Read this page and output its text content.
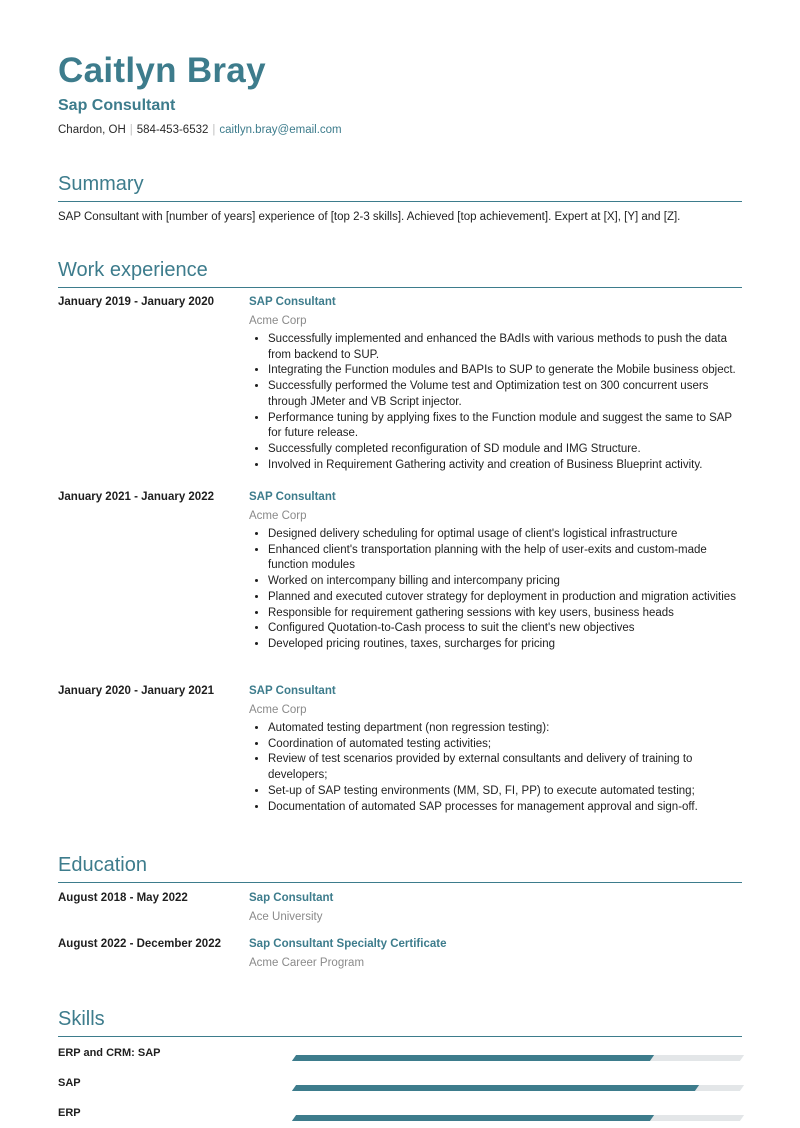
Caitlyn Bray
Sap Consultant
Chardon, OH | 584-453-6532 | caitlyn.bray@email.com
Summary
SAP Consultant with [number of years] experience of [top 2-3 skills]. Achieved [top achievement]. Expert at [X], [Y] and [Z].
Work experience
January 2019 - January 2020	SAP Consultant
Acme Corp
• Successfully implemented and enhanced the BAdIs with various methods to push the data from backend to SUP.
• Integrating the Function modules and BAPIs to SUP to generate the Mobile business object.
• Successfully performed the Volume test and Optimization test on 300 concurrent users through JMeter and VB Script injector.
• Performance tuning by applying fixes to the Function module and suggest the same to SAP for future release.
• Successfully completed reconfiguration of SD module and IMG Structure.
• Involved in Requirement Gathering activity and creation of Business Blueprint activity.
January 2021 - January 2022	SAP Consultant
Acme Corp
• Designed delivery scheduling for optimal usage of client's logistical infrastructure
• Enhanced client's transportation planning with the help of user-exits and custom-made function modules
• Worked on intercompany billing and intercompany pricing
• Planned and executed cutover strategy for deployment in production and migration activities
• Responsible for requirement gathering sessions with key users, business heads
• Configured Quotation-to-Cash process to suit the client's new objectives
• Developed pricing routines, taxes, surcharges for pricing
January 2020 - January 2021	SAP Consultant
Acme Corp
• Automated testing department (non regression testing):
• Coordination of automated testing activities;
• Review of test scenarios provided by external consultants and delivery of training to developers;
• Set-up of SAP testing environments (MM, SD, FI, PP) to execute automated testing;
• Documentation of automated SAP processes for management approval and sign-off.
Education
August 2018 - May 2022	Sap Consultant
Ace University
August 2022 - December 2022	Sap Consultant Specialty Certificate
Acme Career Program
Skills
ERP and CRM: SAP
SAP
ERP
